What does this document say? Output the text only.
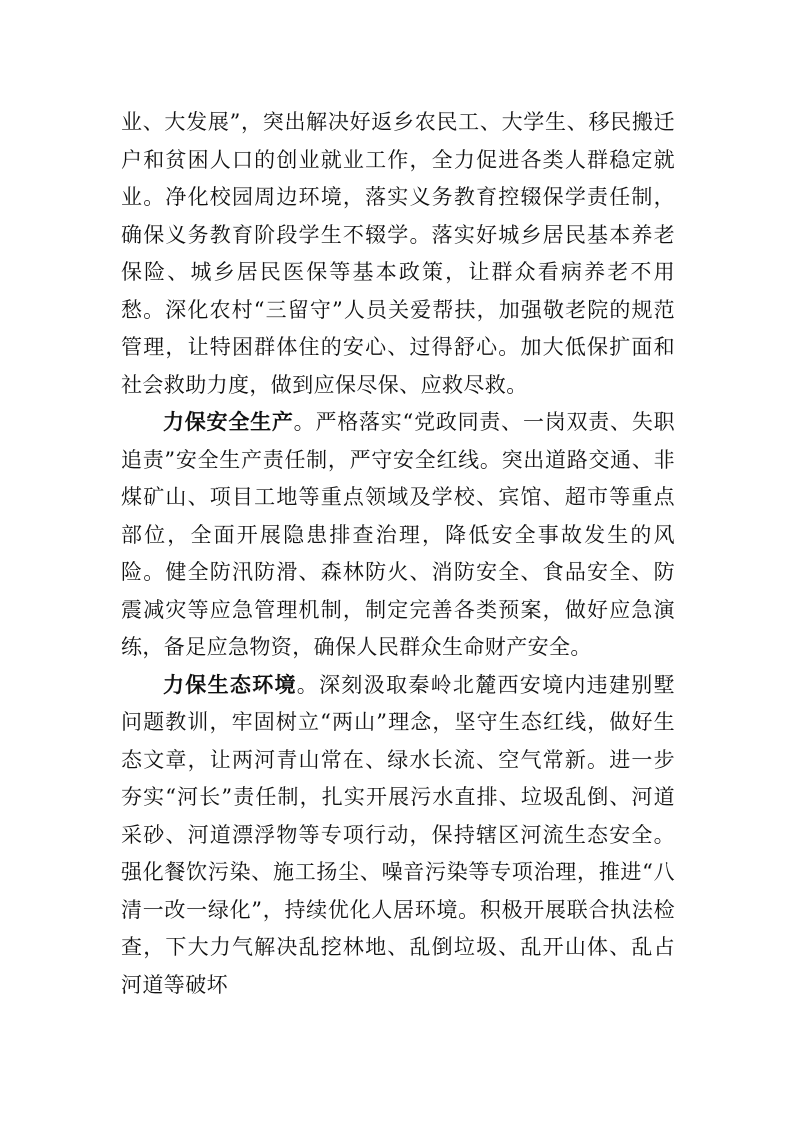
业、大发展”，突出解决好返乡农民工、大学生、移民搬迁户和贫困人口的创业就业工作，全力促进各类人群稳定就业。净化校园周边环境，落实义务教育控辍保学责任制，确保义务教育阶段学生不辍学。落实好城乡居民基本养老保险、城乡居民医保等基本政策，让群众看病养老不用愁。深化农村“三留守”人员关爱帮扶，加强敬老院的规范管理，让特困群体住的安心、过得舒心。加大低保扩面和社会救助力度，做到应保尽保、应救尽救。

力保安全生产。严格落实“党政同责、一岗双责、失职追责”安全生产责任制，严守安全红线。突出道路交通、非煤矿山、项目工地等重点领域及学校、宾馆、超市等重点部位，全面开展隐患排查治理，降低安全事故发生的风险。健全防汛防滑、森林防火、消防安全、食品安全、防震减灾等应急管理机制，制定完善各类预案，做好应急演练，备足应急物资，确保人民群众生命财产安全。

力保生态环境。深刻汲取秦岭北麓西安境内违建别墅问题教训，牢固树立“两山”理念，坚守生态红线，做好生态文章，让两河青山常在、绿水长流、空气常新。进一步夯实“河长”责任制，扎实开展污水直排、垃圾乱倒、河道采砂、河道漂浮物等专项行动，保持辖区河流生态安全。强化餐饮污染、施工扬尘、噪音污染等专项治理，推进“八清一改一绿化”，持续优化人居环境。积极开展联合执法检查，下大力气解决乱挖林地、乱倒垃圾、乱开山体、乱占河道等破坏
